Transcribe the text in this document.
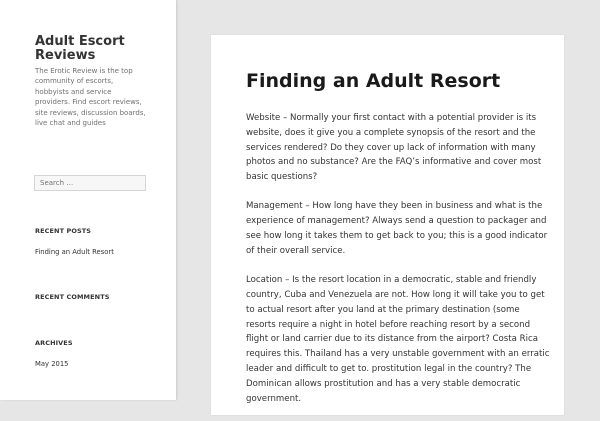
Adult Escort Reviews

The Erotic Review is the top community of escorts, hobbyists and service providers. Find escort reviews, site reviews, discussion boards, live chat and guides

Search …
RECENT POSTS
Finding an Adult Resort
RECENT COMMENTS
ARCHIVES
May 2015
Finding an Adult Resort

Website – Normally your first contact with a potential provider is its website, does it give you a complete synopsis of the resort and the services rendered? Do they cover up lack of information with many photos and no substance? Are the FAQ’s informative and cover most basic questions?

Management – How long have they been in business and what is the experience of management? Always send a question to packager and see how long it takes them to get back to you; this is a good indicator of their overall service.

Location – Is the resort location in a democratic, stable and friendly country, Cuba and Venezuela are not. How long it will take you to get to actual resort after you land at the primary destination (some resorts require a night in hotel before reaching resort by a second flight or land carrier due to its distance from the airport? Costa Rica requires this. Thailand has a very unstable government with an erratic leader and difficult to get to. prostitution legal in the country? The Dominican allows prostitution and has a very stable democratic government.
